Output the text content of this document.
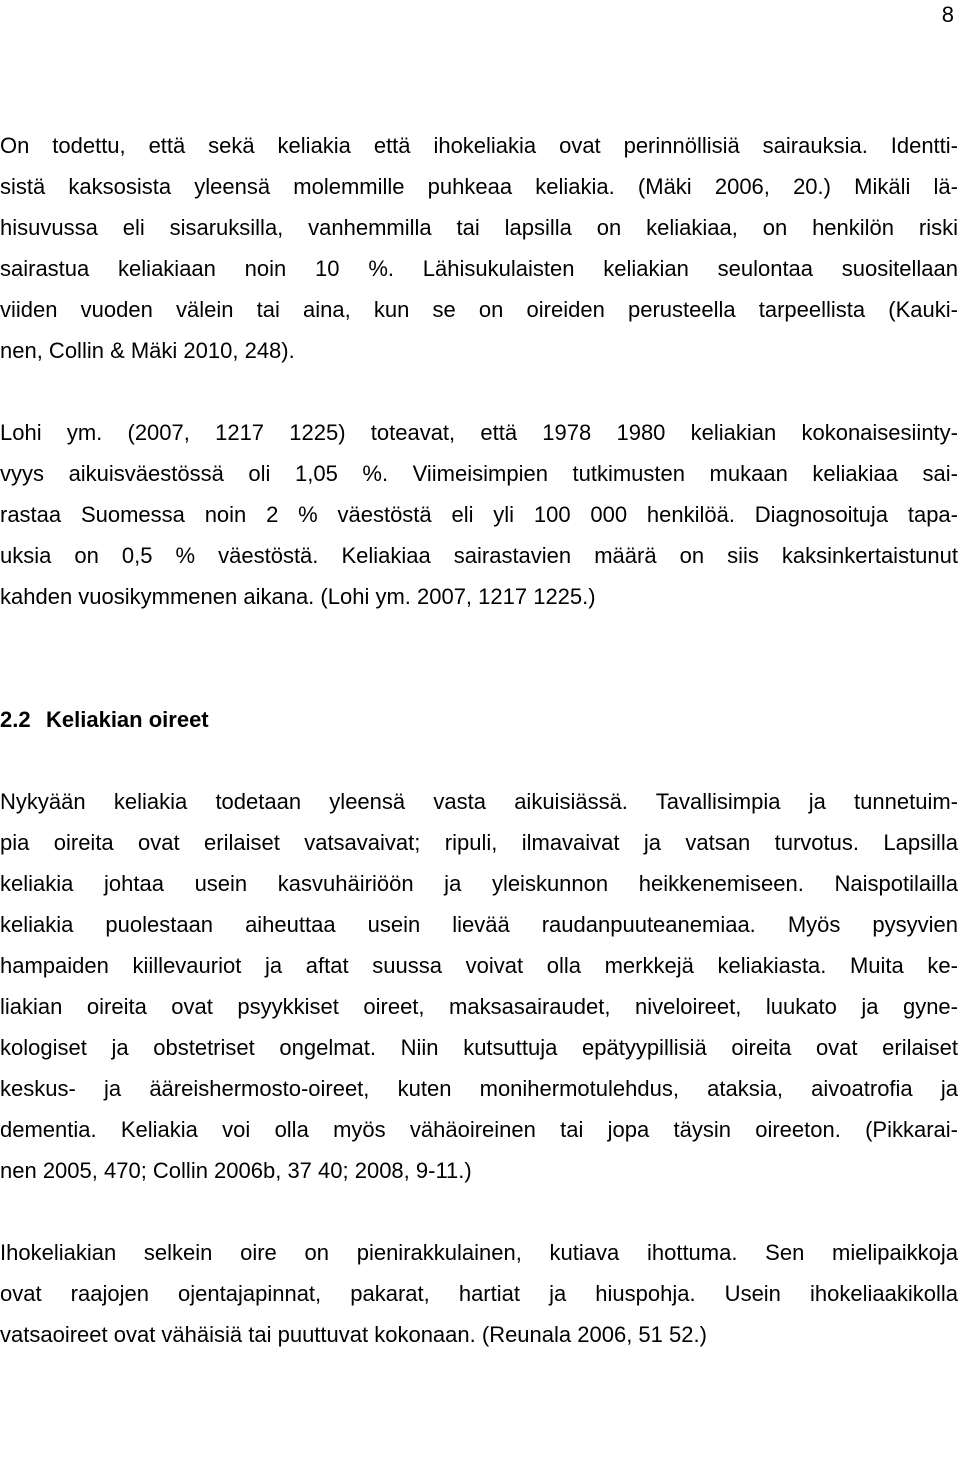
8

On todettu, että sekä keliakia että ihokeliakia ovat perinnöllisiä sairauksia. Identti-
sistä kaksosista yleensä molemmille puhkeaa keliakia. (Mäki 2006, 20.) Mikäli lä-
hisuvussa eli sisaruksilla, vanhemmilla tai lapsilla on keliakiaa, on henkilön riski
sairastua keliakiaan noin 10 %. Lähisukulaisten keliakian seulontaa suositellaan
viiden vuoden välein tai aina, kun se on oireiden perusteella tarpeellista (Kauki-
nen, Collin & Mäki 2010, 248).

Lohi ym. (2007, 1217 1225) toteavat, että 1978 1980 keliakian kokonaisesiinty-
vyys aikuisväestössä oli 1,05 %. Viimeisimpien tutkimusten mukaan keliakiaa sai-
rastaa Suomessa noin 2 % väestöstä eli yli 100 000 henkilöä. Diagnosoituja tapa-
uksia on 0,5 % väestöstä. Keliakiaa sairastavien määrä on siis kaksinkertaistunut
kahden vuosikymmenen aikana. (Lohi ym. 2007, 1217 1225.)

2.2 Keliakian oireet

Nykyään keliakia todetaan yleensä vasta aikuisiässä. Tavallisimpia ja tunnetuim-
pia oireita ovat erilaiset vatsavaivat; ripuli, ilmavaivat ja vatsan turvotus. Lapsilla
keliakia johtaa usein kasvuhäiriöön ja yleiskunnon heikkenemiseen. Naispotilailla
keliakia puolestaan aiheuttaa usein lievää raudanpuuteanemiaa. Myös pysyvien
hampaiden kiillevauriot ja aftat suussa voivat olla merkkejä keliakiasta. Muita ke-
liakian oireita ovat psyykkiset oireet, maksasairaudet, niveloireet, luukato ja gyne-
kologiset ja obstetriset ongelmat. Niin kutsuttuja epätyypillisiä oireita ovat erilaiset
keskus- ja ääreishermosto-oireet, kuten monihermotulehdus, ataksia, aivoatrofia ja
dementia. Keliakia voi olla myös vähäoireinen tai jopa täysin oireeton. (Pikkarai-
nen 2005, 470; Collin 2006b, 37 40; 2008, 9-11.)

Ihokeliakian selkein oire on pienirakkulainen, kutiava ihottuma. Sen mielipaikkoja
ovat raajojen ojentajapinnat, pakarat, hartiat ja hiuspohja. Usein ihokeliaakikolla
vatsaoireet ovat vähäisiä tai puuttuvat kokonaan. (Reunala 2006, 51 52.)
